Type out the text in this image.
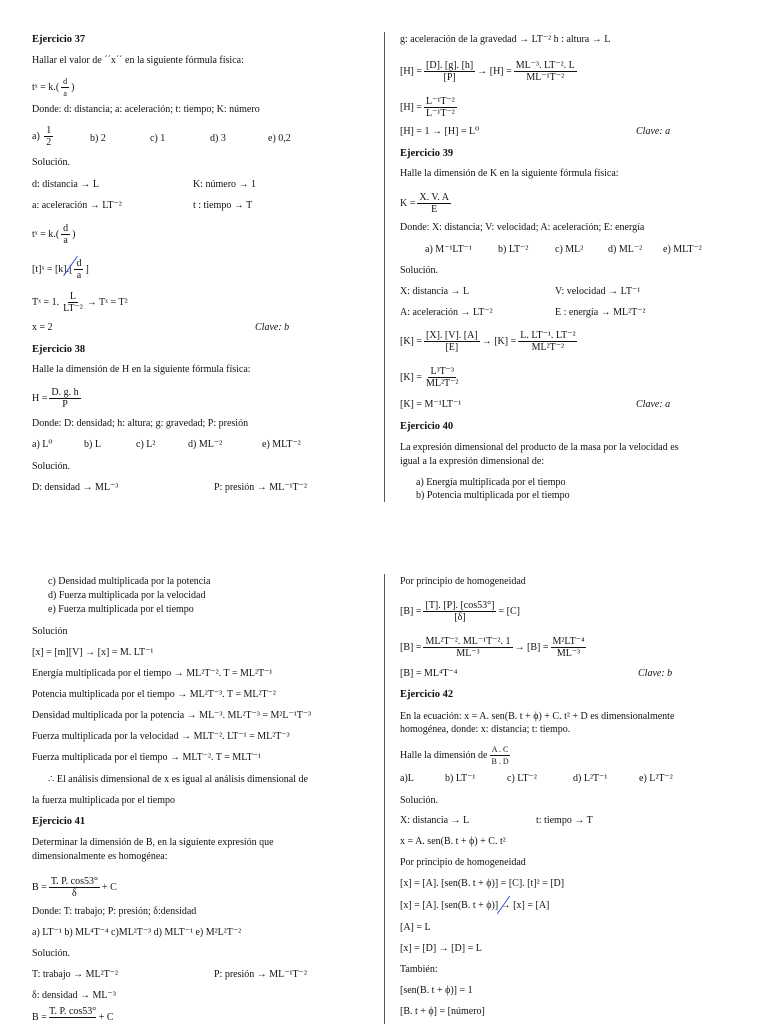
Ejercicio 37
Hallar el valor de ´´x´´ en la siguiente fórmula física:
tˣ = $k.( \frac{d}{a}$ )
Donde: d: distancia; a: aceleración; t: tiempo; K: número
$a) \frac{1}{2}$	b) 2	c) 1	d) 3	e) 0,2
Solución.
d: distancia → L	K: número → 1
a: aceleración → LT⁻²	t : tiempo → T
tˣ = $k.( \frac{d}{a}$ )
[t]ˣ = $[k].[ \frac{d}{a}$ ]
Tˣ = 1. $\frac{L}{\text{LT⁻²}}$ → Tˣ = T²
x = 2	Clave: b
Ejercicio 38
Halle la dimensión de H en la siguiente fórmula física:
$H = \frac{D. g. h}{P}$
Donde: D: densidad; h: altura; g: gravedad; P: presión
a) L⁰	b) L	c) L²	d) ML⁻²	e) MLT⁻²
Solución.
D: densidad → ML⁻³	P: presión → ML⁻¹T⁻²
g: aceleración de la gravedad → LT⁻² h : altura → L
$[H] = \frac{[D]. [g]. [h]}{[P]} \to [H] = \frac{\text{ML⁻³. LT⁻². L}}{\text{ML⁻¹T⁻²}}$
$[H] = \frac{\text{L⁻¹T⁻²}}{\text{L⁻¹T⁻²}}$
[H] = 1 → [H] = L⁰	Clave: a
Ejercicio 39
Halle la dimensión de K en la siguiente fórmula física:
$K = \frac{X. V. A}{E}$
Donde: X: distancia; V: velocidad; A: aceleración; E: energía
a) M⁻¹LT⁻¹	b) LT⁻²	c) ML² d) ML⁻² e) MLT⁻²
Solución.
X: distancia → L	V: velocidad → LT⁻¹
A: aceleración → LT⁻²	E : energía → ML²T⁻²
$[K] = \frac{[X]. [V]. [A]}{[E]} \to [K] = \frac{\text{L. LT⁻¹. LT⁻²}}{\text{ML²T⁻²}}$
$[K] = \frac{\text{L³T⁻³}}{\text{ML²T⁻²}}$
[K] = M⁻¹LT⁻¹	Clave: a
Ejercicio 40
La expresión dimensional del producto de la masa por la velocidad es
igual a la expresión dimensional de:
a) Energía multiplicada por el tiempo
b) Potencia multiplicada por el tiempo
c) Densidad multiplicada por la potencia
d) Fuerza multiplicada por la velocidad
e) Fuerza multiplicada por el tiempo
Solución
[x] = [m][V] → [x] = M. LT⁻¹
Energía multiplicada por el tiempo → ML²T⁻². T = ML²T⁻¹
Potencia multiplicada por el tiempo → ML²T⁻³. T = ML²T⁻²
Densidad multiplicada por la potencia → ML⁻³. ML²T⁻³ = M²L⁻¹T⁻³
Fuerza multiplicada por la velocidad → MLT⁻². LT⁻¹ = ML²T⁻³
Fuerza multiplicada por el tiempo → MLT⁻². T = MLT⁻¹
∴ El análisis dimensional de x es igual al análisis dimensional de
la fuerza multiplicada por el tiempo
Ejercicio 41
Determinar la dimensión de B, en la siguiente expresión que
dimensionalmente es homogénea:
$B = \frac{T. P. \cos 53^\circ}{\delta} + C$
Donde: T: trabajo; P: presión; δ:densidad
a) LT⁻¹ b) ML⁴T⁻⁴ c)ML²T⁻³ d) MLT⁻¹ e) M²L²T⁻²
Solución.
T: trabajo → ML²T⁻²	P: presión → ML⁻¹T⁻²
δ: densidad → ML⁻³
B = T. P. cos53° + C
Por principio de homogeneidad
$[B] = \frac{[T]. [P]. [\cos 53^\circ]}{[\delta]} = [C]$
$[B] = \frac{\text{ML²T⁻². ML⁻¹T⁻². 1}}{\text{ML⁻³}} \to [B] = \frac{\text{M²LT⁻⁴}}{\text{ML⁻³}}$
[B] = ML⁴T⁻⁴	Clave: b
Ejercicio 42
En la ecuación: x = A. sen(B. t + ϕ) + C. t² + D es dimensionalmente
homogénea, donde: x: distancia; t: tiempo.
Halle la dimensión de $\frac{A . C}{B . D}$
a)L	b) LT⁻¹	c) LT⁻²	d) L²T⁻¹	e) L²T⁻²
Solución.
X: distancia → L	t: tiempo → T
x = A. sen(B. t + ϕ) + C. t²
Por principio de homogeneidad
[x] = [A]. [sen(B. t + ϕ)] = [C]. [t]² = [D]
[x] = [A]. [sen(B. t + ϕ)] → [x] = [A]
[A] = L
[x] = [D] → [D] = L
También:
[sen(B. t + ϕ)] = 1
[B. t + ϕ] = [número]
